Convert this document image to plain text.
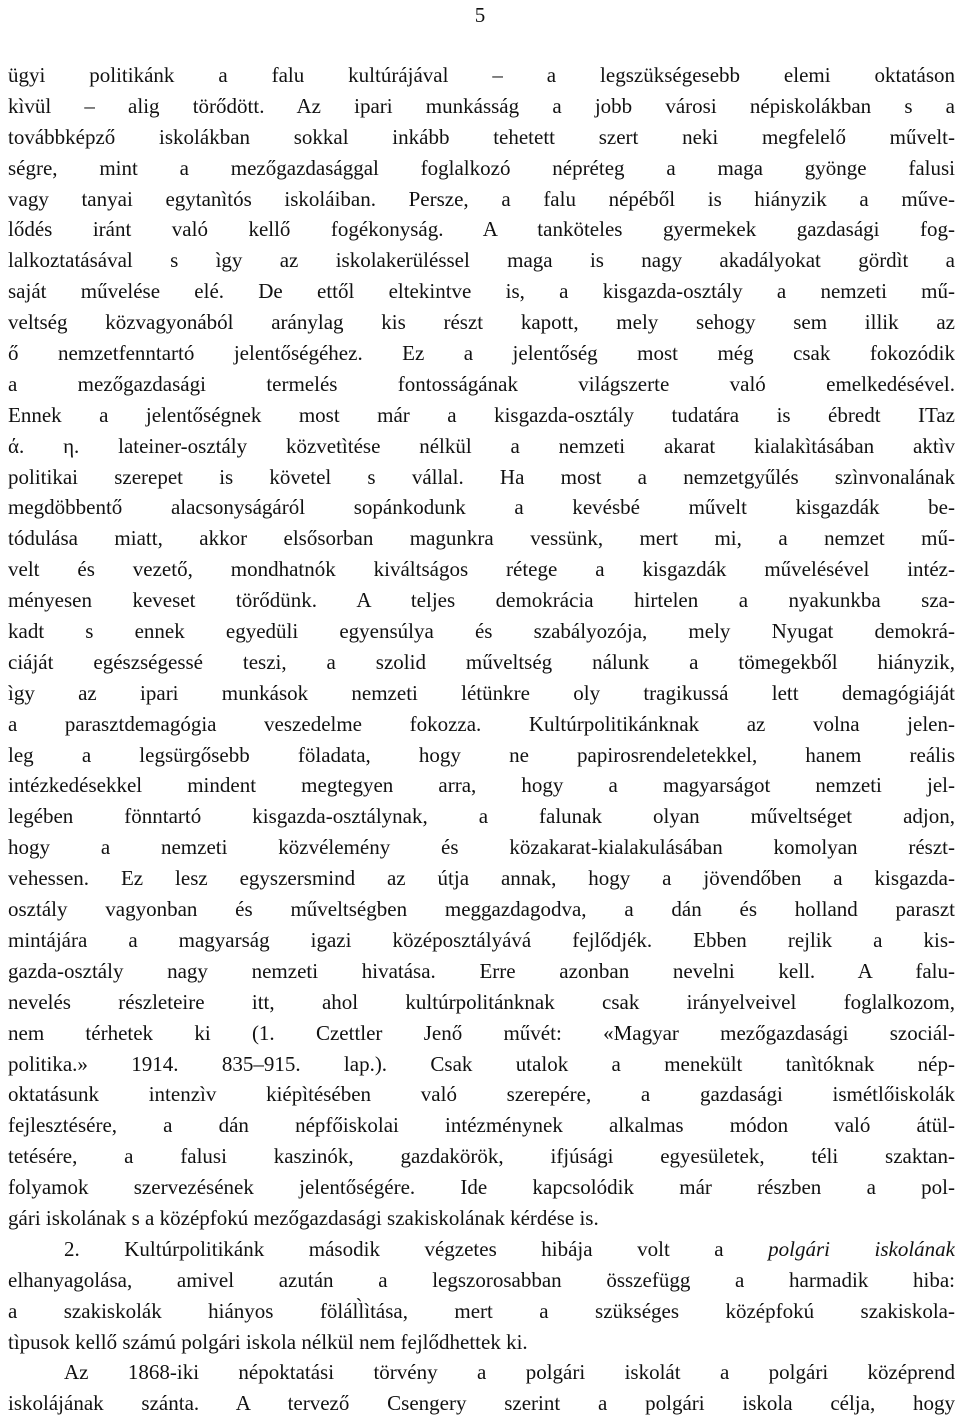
5
ügyi politikánk a falu kultúrájával – a legszükségesebb elemi oktatáson
kìvül – alig törődött. Az ipari munkásság a jobb városi népiskolákban s a
továbbképző iskolákban sokkal inkább tehetett szert neki megfelelő művelt-
ségre, mint a mezőgazdasággal foglalkozó népréteg a maga gyönge falusi
vagy tanyai egytanìtós iskoláiban. Persze, a falu népéből is hiányzik a műve-
lődés iránt való kellő fogékonyság. A tanköteles gyermekek gazdasági fog-
lalkoztatásával s ìgy az iskolakerüléssel maga is nagy akadályokat gördìt a
saját művelése elé. De ettől eltekintve is, a kisgazda-osztály a nemzeti mű-
veltség közvagyonából aránylag kis részt kapott, mely sehogy sem illik az
ő nemzetfenntartó jelentőségéhez. Ez a jelentőség most még csak fokozódik
a mezőgazdasági termelés fontosságának világszerte való emelkedésével.
Ennek a jelentőségnek most már a kisgazda-osztály tudatára is ébredt ITaz
ά. η. lateiner-osztály közvetìtése nélkül a nemzeti akarat kialakìtásában aktìv
politikai szerepet is követel s vállal. Ha most a nemzetgyűlés szìnvonalának
megdöbbentő alacsonyságáról sopánkodunk a kevésbé művelt kisgazdák be-
tódulása miatt, akkor elsősorban magunkra vessünk, mert mi, a nemzet mű-
velt és vezető, mondhatnók kiváltságos rétege a kisgazdák művelésével intéz-
ményesen keveset törődünk. A teljes demokrácia hirtelen a nyakunkba sza-
kadt s ennek egyedüli egyensúlya és szabályozója, mely Nyugat demokrá-
ciáját egészségessé teszi, a szolid műveltség nálunk a tömegekből hiányzik,
ìgy az ipari munkások nemzeti létünkre oly tragikussá lett demagógiáját
a parasztdemagógia veszedelme fokozza. Kultúrpolitikánknak az volna jelen-
leg a legsürgősebb föladata, hogy ne papirosrendeletekkel, hanem reális
intézkedésekkel mindent megtegyen arra, hogy a magyarságot nemzeti jel-
legében fönntartó kisgazda-osztálynak, a falunak olyan műveltséget adjon,
hogy a nemzeti közvélemény és közakarat-kialakulásában komolyan részt-
vehessen. Ez lesz egyszersmind az útja annak, hogy a jövendőben a kisgazda-
osztály vagyonban és műveltségben meggazdagodva, a dán és holland paraszt
mintájára a magyarság igazi középosztályává fejlődjék. Ebben rejlik a kis-
gazda-osztály nagy nemzeti hivatása. Erre azonban nevelni kell. A falu-
nevelés részleteire itt, ahol kultúrpolitánknak csak irányelveivel foglalkozom,
nem térhetek ki (1. Czettler Jenő művét: «Magyar mezőgazdasági szociál-
politika.» 1914. 835–915. lap.). Csak utalok a menekült tanìtóknak nép-
oktatásunk intenzìv kiépìtésében való szerepére, a gazdasági ismétlőiskolák
fejlesztésére, a dán népfőiskolai intézménynek alkalmas módon való átül-
tetésére, a falusi kaszinók, gazdakörök, ifjúsági egyesületek, téli szaktan-
folyamok szervezésének jelentőségére. Ide kapcsolódik már részben a pol-
gári iskolának s a középfokú mezőgazdasági szakiskolának kérdése is.
2. Kultúrpolitikánk második végzetes hibája volt a polgári iskolának
elhanyagolása, amivel azután a legszorosabban összefügg a harmadik hiba:
a szakiskolák hiányos föláll̀ìtása, mert a szükséges középfokú szakiskola-
tìpusok kellő számú polgári iskola nélkül nem fejlődhettek ki.
Az 1868-iki népoktatási törvény a polgári iskolát a polgári középrend
iskolájának szánta. A tervező Csengery szerint a polgári iskola célja, hogy
